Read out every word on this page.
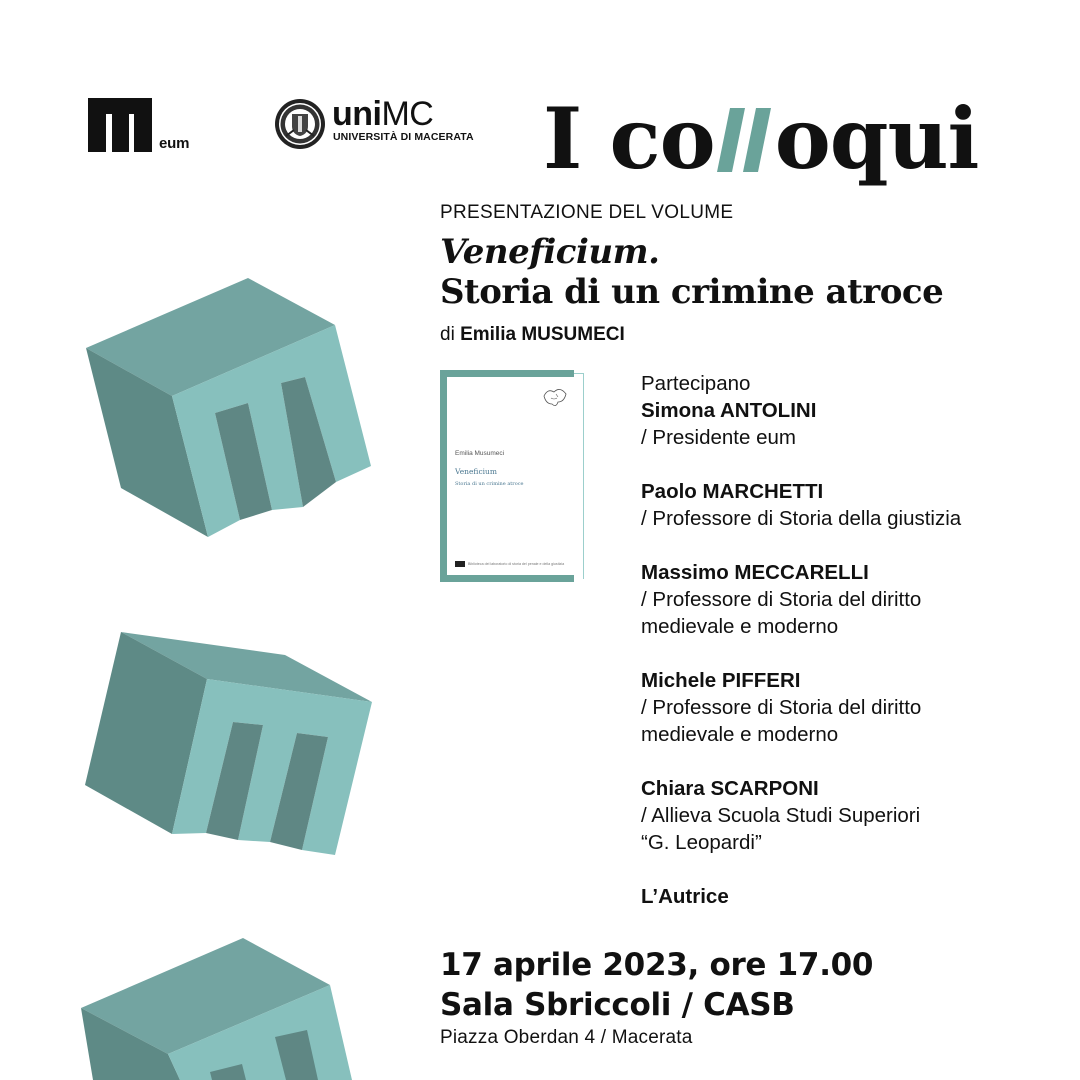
eum
uniMC
UNIVERSITÀ DI MACERATA I co oqui
PRESENTAZIONE DEL VOLUME
Veneficium.
Storia di un crimine atroce
di Emilia MUSUMECI
Emilia Musumeci
Veneficium
Storia di un crimine atroce
Biblioteca del laboratorio di storia del penale e della giustizia
Partecipano
Simona ANTOLINI
/ Presidente eum
Paolo MARCHETTI
/ Professore di Storia della giustizia
Massimo MECCARELLI
/ Professore di Storia del diritto
medievale e moderno
Michele PIFFERI
/ Professore di Storia del diritto
medievale e moderno
Chiara SCARPONI
/ Allieva Scuola Studi Superiori
“G. Leopardi”
L’Autrice
17 aprile 2023, ore 17.00
Sala Sbriccoli / CASB
Piazza Oberdan 4 / Macerata
